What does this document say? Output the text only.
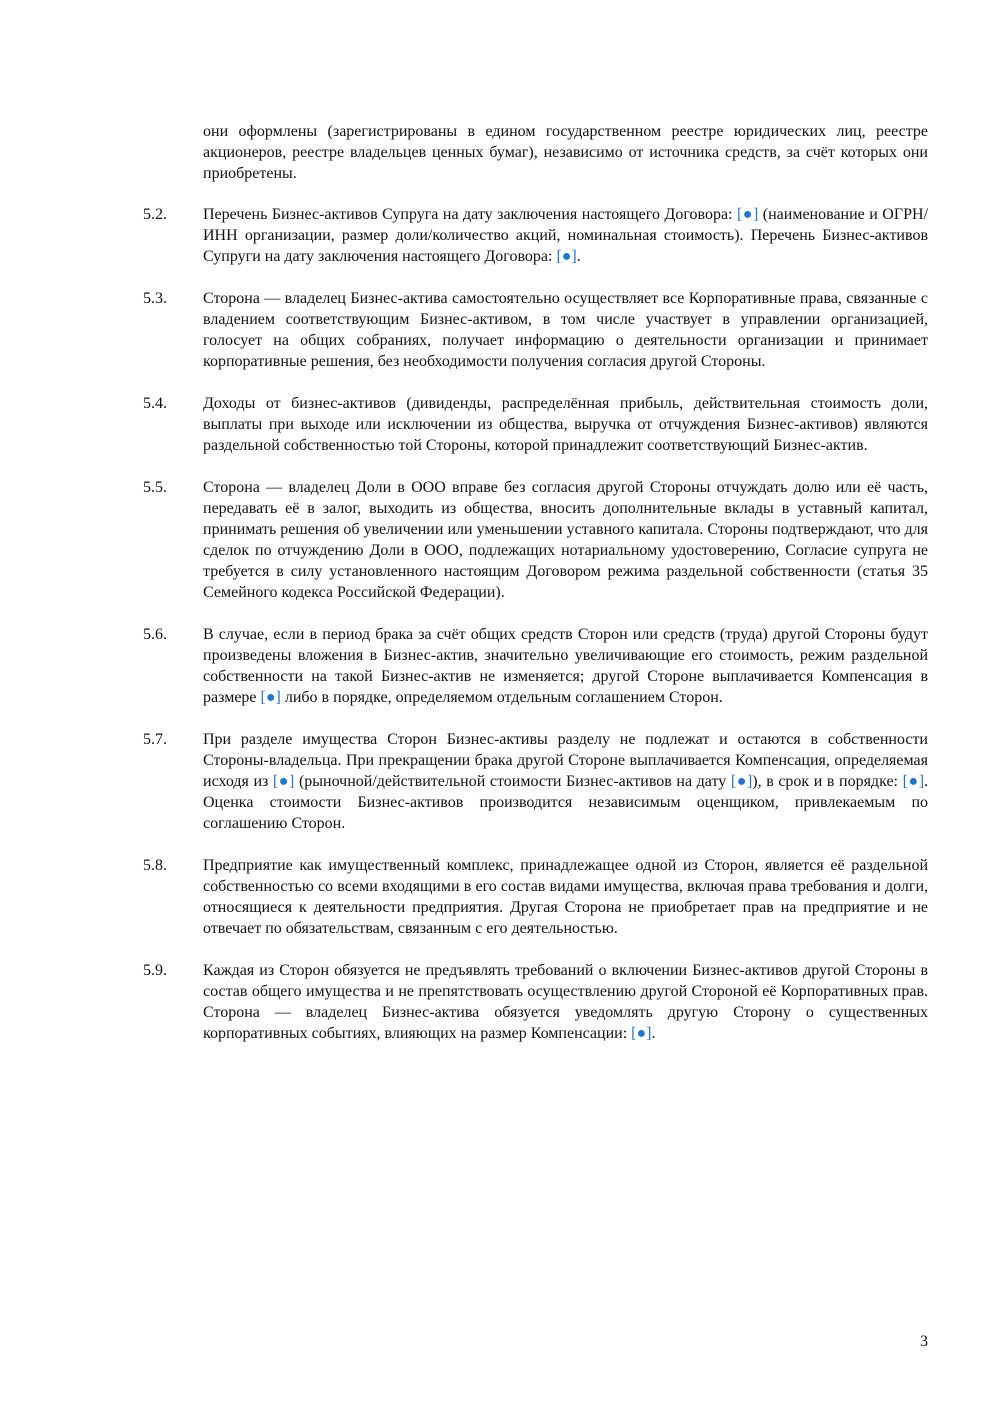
они оформлены (зарегистрированы в едином государственном реестре юридических лиц, реестре акционеров, реестре владельцев ценных бумаг), независимо от источника средств, за счёт которых они приобретены.
5.2.	Перечень Бизнес-активов Супруга на дату заключения настоящего Договора: [●] (наименование и ОГРН/ИНН организации, размер доли/количество акций, номинальная стоимость). Перечень Бизнес-активов Супруги на дату заключения настоящего Договора: [●].
5.3.	Сторона — владелец Бизнес-актива самостоятельно осуществляет все Корпоративные права, связанные с владением соответствующим Бизнес-активом, в том числе участвует в управлении организацией, голосует на общих собраниях, получает информацию о деятельности организации и принимает корпоративные решения, без необходимости получения согласия другой Стороны.
5.4.	Доходы от бизнес-активов (дивиденды, распределённая прибыль, действительная стоимость доли, выплаты при выходе или исключении из общества, выручка от отчуждения Бизнес-активов) являются раздельной собственностью той Стороны, которой принадлежит соответствующий Бизнес-актив.
5.5.	Сторона — владелец Доли в ООО вправе без согласия другой Стороны отчуждать долю или её часть, передавать её в залог, выходить из общества, вносить дополнительные вклады в уставный капитал, принимать решения об увеличении или уменьшении уставного капитала. Стороны подтверждают, что для сделок по отчуждению Доли в ООО, подлежащих нотариальному удостоверению, Согласие супруга не требуется в силу установленного настоящим Договором режима раздельной собственности (статья 35 Семейного кодекса Российской Федерации).
5.6.	В случае, если в период брака за счёт общих средств Сторон или средств (труда) другой Стороны будут произведены вложения в Бизнес-актив, значительно увеличивающие его стоимость, режим раздельной собственности на такой Бизнес-актив не изменяется; другой Стороне выплачивается Компенсация в размере [●] либо в порядке, определяемом отдельным соглашением Сторон.
5.7.	При разделе имущества Сторон Бизнес-активы разделу не подлежат и остаются в собственности Стороны-владельца. При прекращении брака другой Стороне выплачивается Компенсация, определяемая исходя из [●] (рыночной/действительной стоимости Бизнес-активов на дату [●]), в срок и в порядке: [●]. Оценка стоимости Бизнес-активов производится независимым оценщиком, привлекаемым по соглашению Сторон.
5.8.	Предприятие как имущественный комплекс, принадлежащее одной из Сторон, является её раздельной собственностью со всеми входящими в его состав видами имущества, включая права требования и долги, относящиеся к деятельности предприятия. Другая Сторона не приобретает прав на предприятие и не отвечает по обязательствам, связанным с его деятельностью.
5.9.	Каждая из Сторон обязуется не предъявлять требований о включении Бизнес-активов другой Стороны в состав общего имущества и не препятствовать осуществлению другой Стороной её Корпоративных прав. Сторона — владелец Бизнес-актива обязуется уведомлять другую Сторону о существенных корпоративных событиях, влияющих на размер Компенсации: [●].
3
